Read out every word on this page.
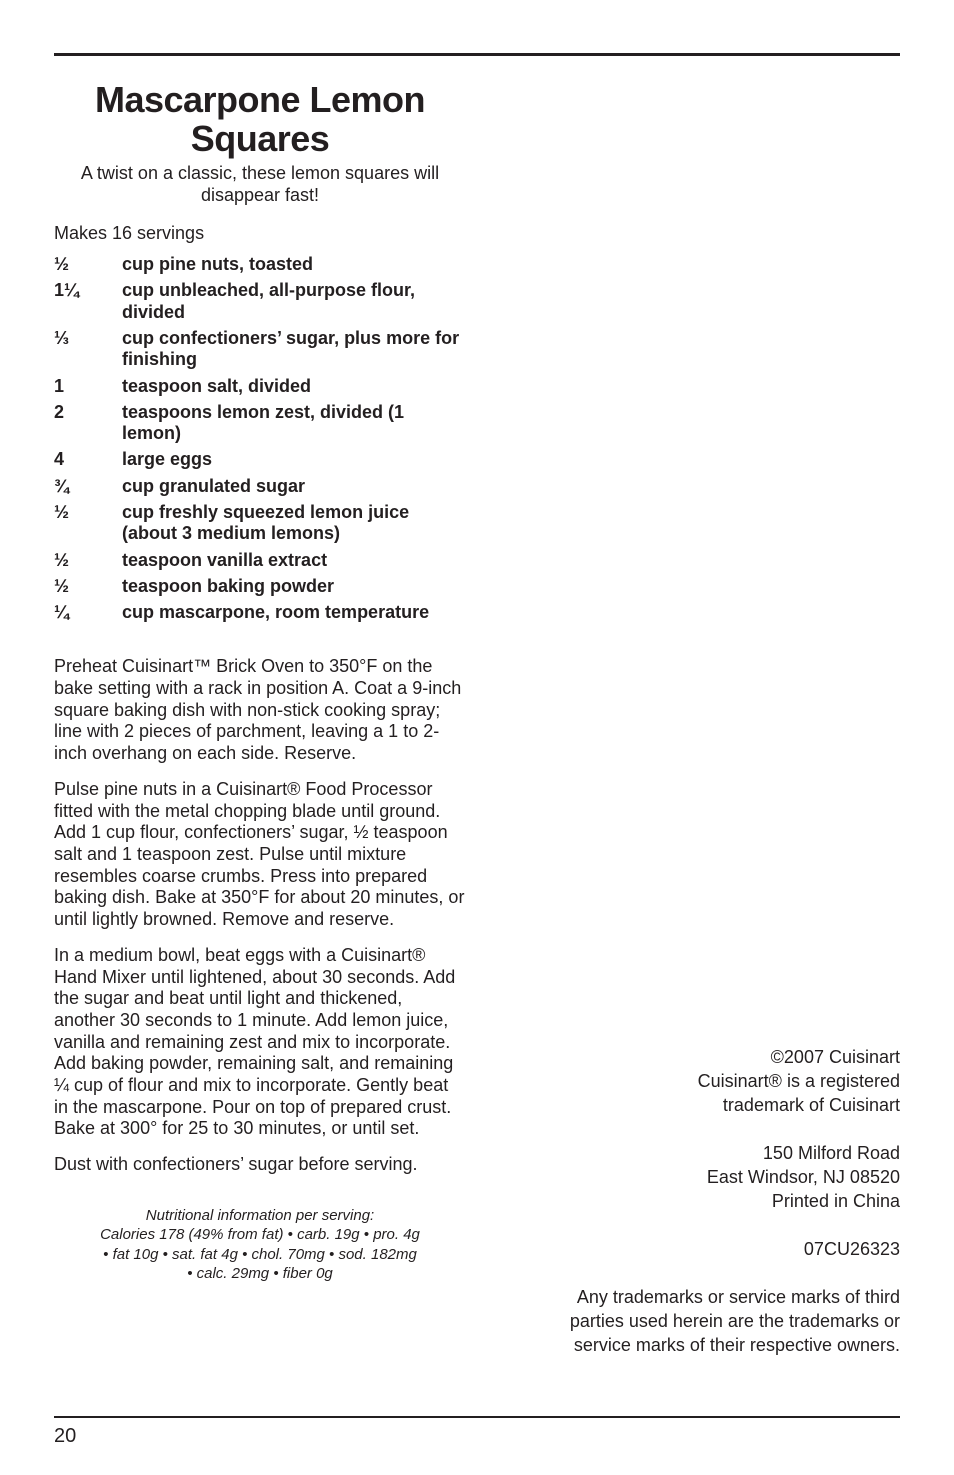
Mascarpone Lemon Squares

A twist on a classic, these lemon squares will disappear fast!

Makes 16 servings

½	cup pine nuts, toasted
1¼	cup unbleached, all-purpose flour, divided
⅓	cup confectioners’ sugar, plus more for finishing
1	teaspoon salt, divided
2	teaspoons lemon zest, divided (1 lemon)
4	large eggs
¾	cup granulated sugar
½	cup freshly squeezed lemon juice (about 3 medium lemons)
½	teaspoon vanilla extract
½	teaspoon baking powder
¼	cup mascarpone, room temperature

Preheat Cuisinart™ Brick Oven to 350°F on the bake setting with a rack in position A. Coat a 9-inch square baking dish with non-stick cooking spray; line with 2 pieces of parchment, leaving a 1 to 2-inch overhang on each side. Reserve.

Pulse pine nuts in a Cuisinart® Food Processor fitted with the metal chopping blade until ground. Add 1 cup flour, confectioners’ sugar, ½ teaspoon salt and 1 teaspoon zest. Pulse until mixture resembles coarse crumbs. Press into prepared baking dish. Bake at 350°F for about 20 minutes, or until lightly browned. Remove and reserve.

In a medium bowl, beat eggs with a Cuisinart® Hand Mixer until lightened, about 30 seconds. Add the sugar and beat until light and thickened, another 30 seconds to 1 minute. Add lemon juice, vanilla and remaining zest and mix to incorporate. Add baking powder, remaining salt, and remaining ¼ cup of flour and mix to incorporate. Gently beat in the mascarpone. Pour on top of prepared crust. Bake at 300° for 25 to 30 minutes, or until set.

Dust with confectioners’ sugar before serving.

Nutritional information per serving:

Calories 178 (49% from fat) • carb. 19g • pro. 4g

• fat 10g • sat. fat 4g • chol. 70mg • sod. 182mg

• calc. 29mg • fiber 0g

©2007 Cuisinart

Cuisinart® is a registered

trademark of Cuisinart

150 Milford Road

East Windsor, NJ 08520

Printed in China

07CU26323

Any trademarks or service marks of third

parties used herein are the trademarks or

service marks of their respective owners.

20
